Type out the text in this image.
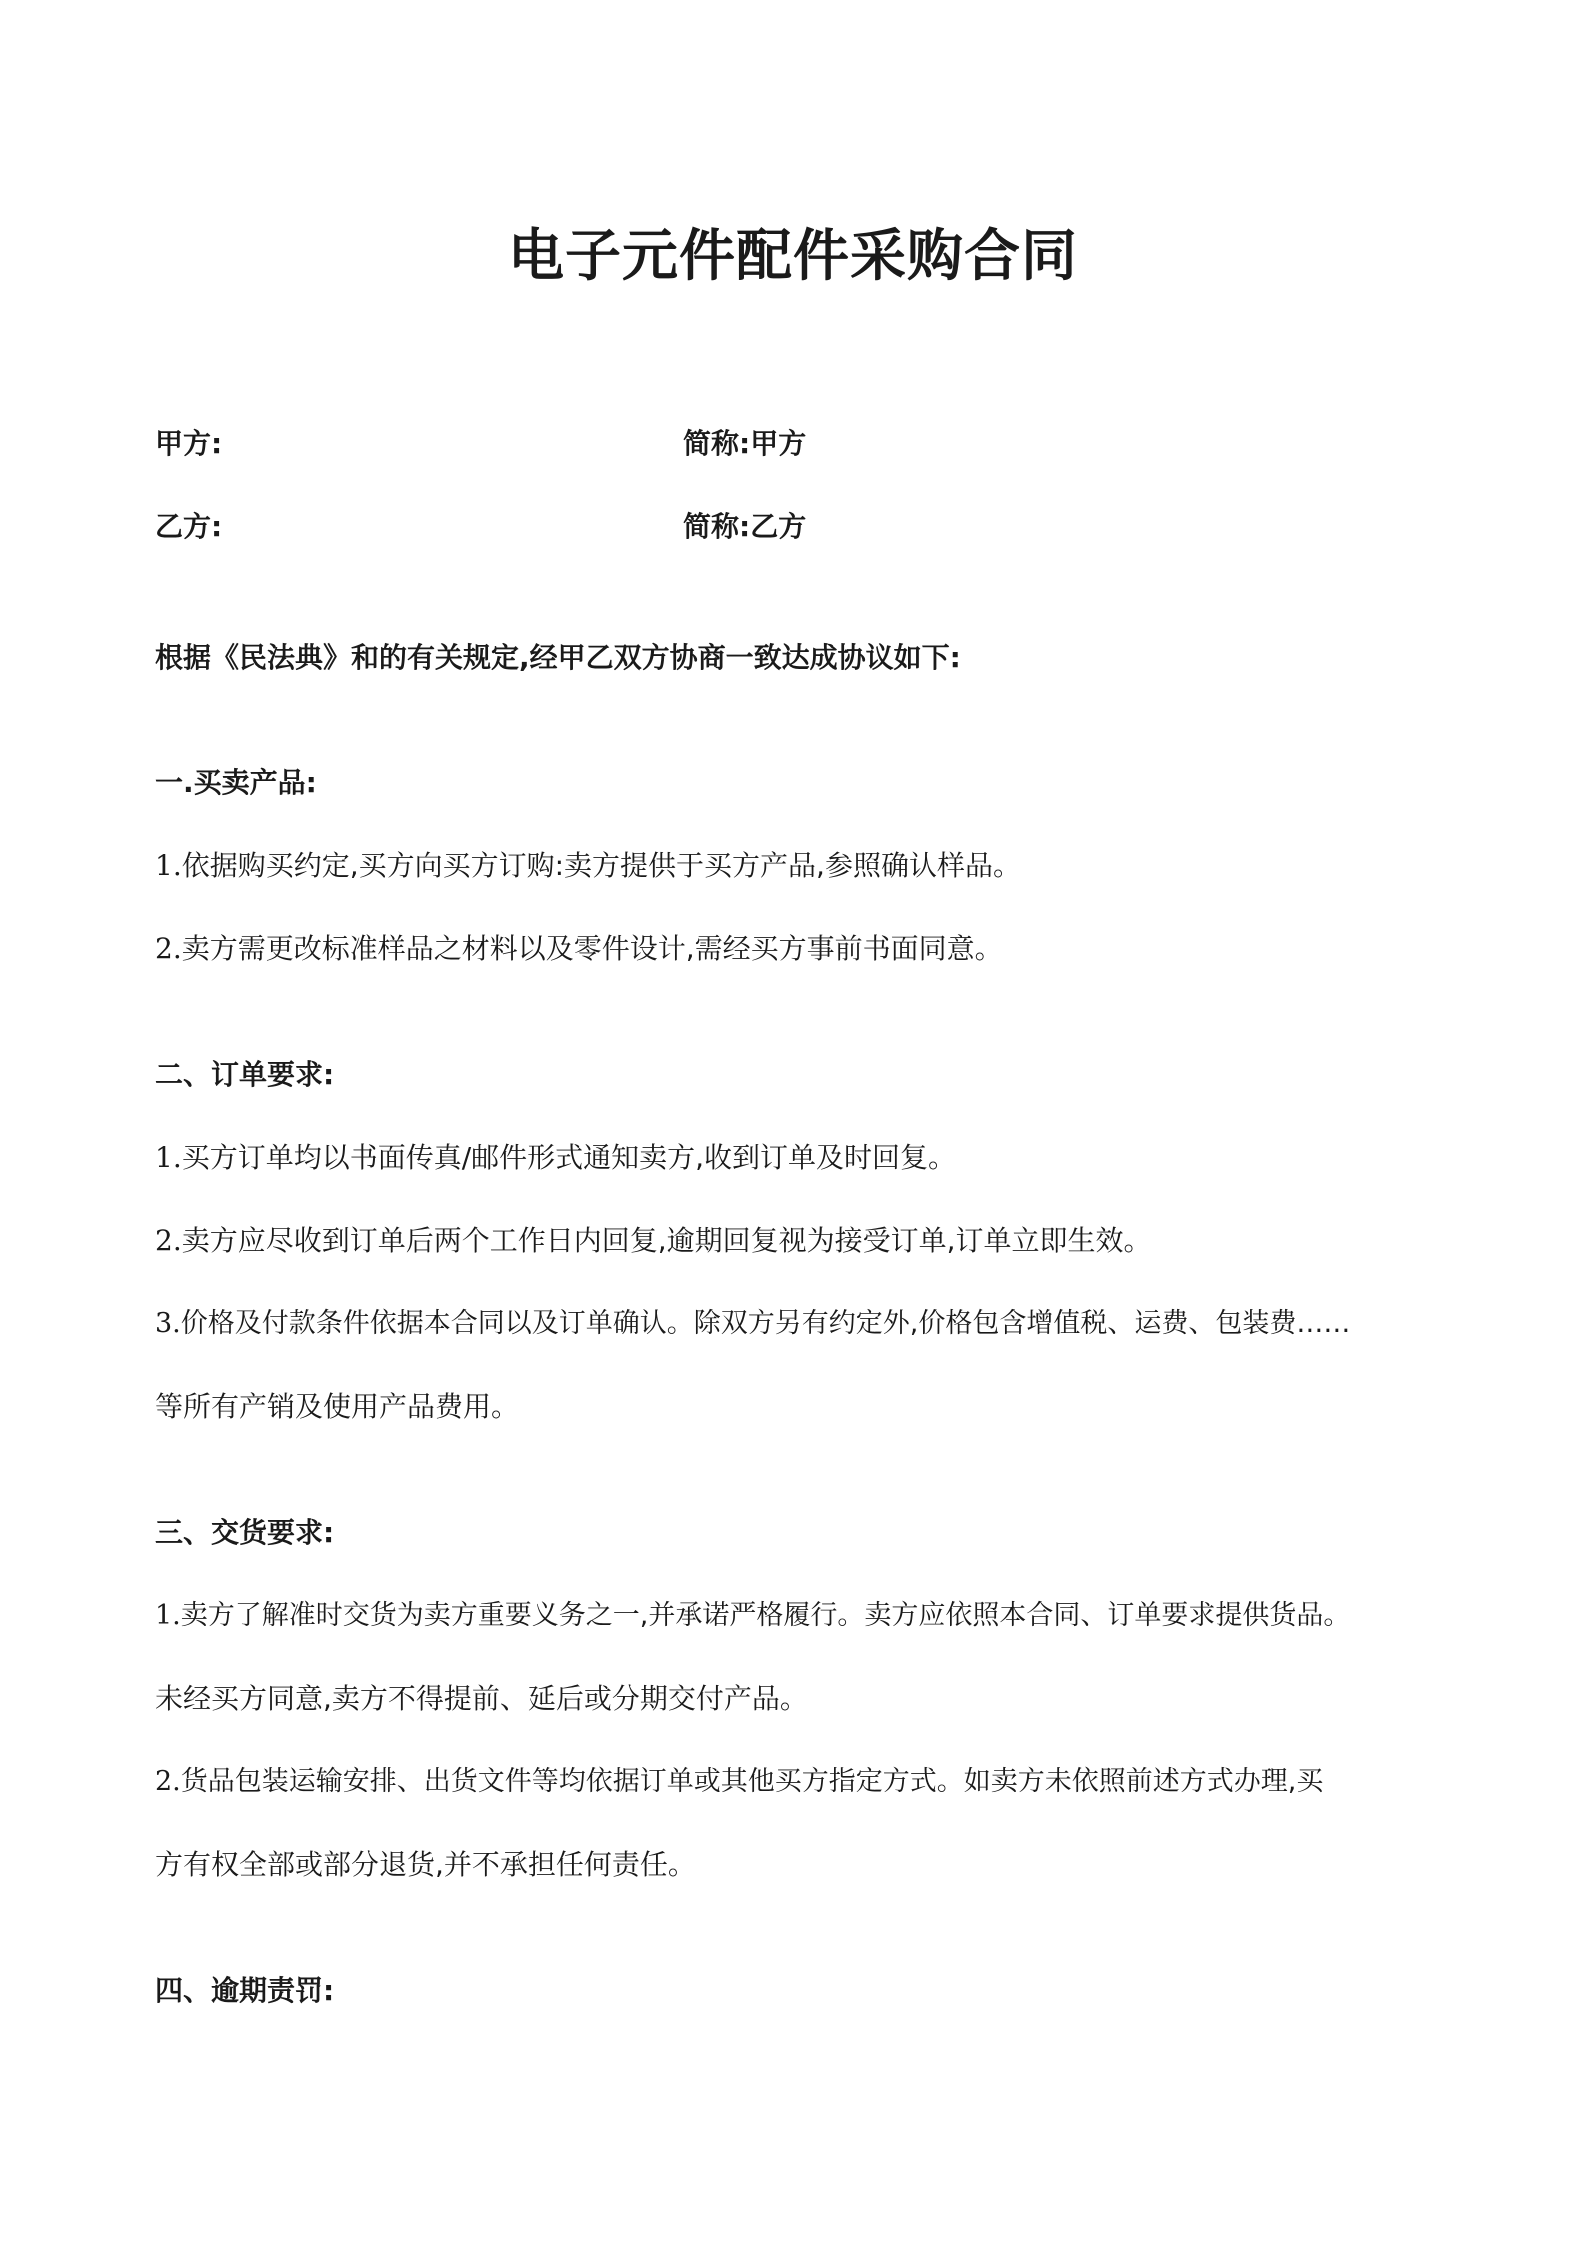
电子元件配件采购合同
甲方:	简称:甲方
乙方:	简称:乙方
根据《民法典》和的有关规定,经甲乙双方协商一致达成协议如下:
一.买卖产品:
1.依据购买约定,买方向买方订购:卖方提供于买方产品,参照确认样品。
2.卖方需更改标准样品之材料以及零件设计,需经买方事前书面同意。
二、订单要求:
1.买方订单均以书面传真/邮件形式通知卖方,收到订单及时回复。
2.卖方应尽收到订单后两个工作日内回复,逾期回复视为接受订单,订单立即生效。
3.价格及付款条件依据本合同以及订单确认。除双方另有约定外,价格包含增值税、运费、包装费……
等所有产销及使用产品费用。
三、交货要求:
1.卖方了解准时交货为卖方重要义务之一,并承诺严格履行。卖方应依照本合同、订单要求提供货品。
未经买方同意,卖方不得提前、延后或分期交付产品。
2.货品包装运输安排、出货文件等均依据订单或其他买方指定方式。如卖方未依照前述方式办理,买
方有权全部或部分退货,并不承担任何责任。
四、逾期责罚:
